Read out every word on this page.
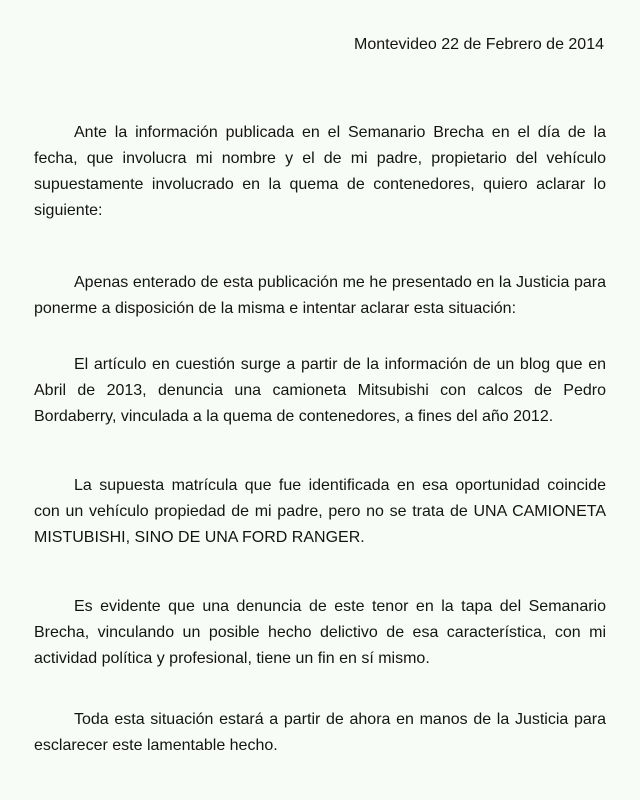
Montevideo 22 de Febrero de 2014

Ante la información publicada en el Semanario Brecha en el día de la fecha, que involucra mi nombre y el de mi padre, propietario del vehículo supuestamente involucrado en la quema de contenedores, quiero aclarar lo siguiente:

Apenas enterado de esta publicación me he presentado en la Justicia para ponerme a disposición de la misma e intentar aclarar esta situación:

El artículo en cuestión surge a partir de la información de un blog que en Abril de 2013, denuncia una camioneta Mitsubishi con calcos de Pedro Bordaberry, vinculada a la quema de contenedores, a fines del año 2012.

La supuesta matrícula que fue identificada en esa oportunidad coincide con un vehículo propiedad de mi padre, pero no se trata de UNA CAMIONETA MISTUBISHI, SINO DE UNA FORD RANGER.

Es evidente que una denuncia de este tenor en la tapa del Semanario Brecha, vinculando un posible hecho delictivo de esa característica, con mi actividad política y profesional, tiene un fin en sí mismo.

Toda esta situación estará a partir de ahora en manos de la Justicia para esclarecer este lamentable hecho.
